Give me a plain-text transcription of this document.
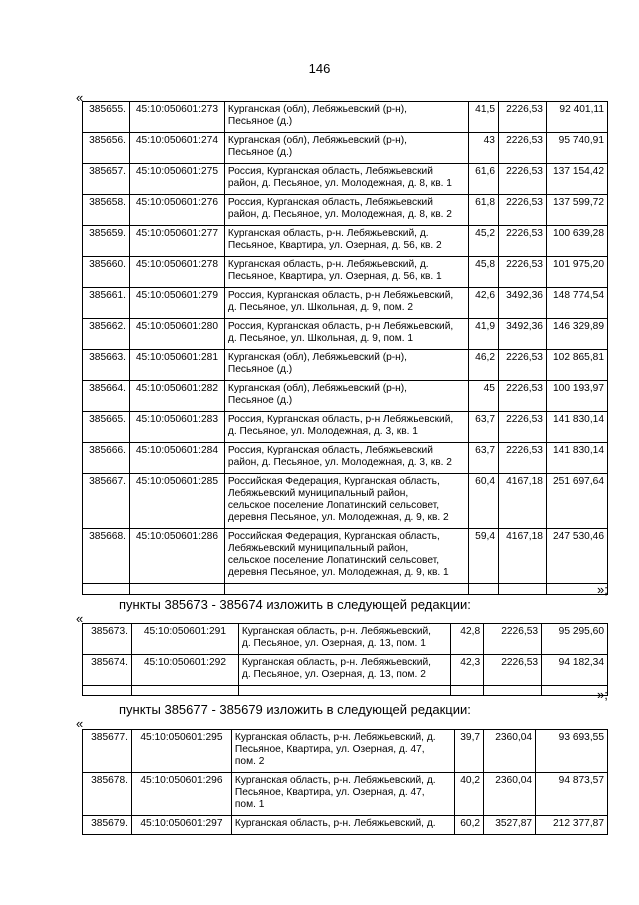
146
«
385655.	45:10:050601:273	Курганская (обл), Лебяжьевский (р-н),
Песьяное (д.)	41,5	2226,53	92 401,11
385656.	45:10:050601:274	Курганская (обл), Лебяжьевский (р-н),
Песьяное (д.)	43	2226,53	95 740,91
385657.	45:10:050601:275	Россия, Курганская область, Лебяжьевский
район, д. Песьяное, ул. Молодежная, д. 8, кв. 1	61,6	2226,53	137 154,42
385658.	45:10:050601:276	Россия, Курганская область, Лебяжьевский
район, д. Песьяное, ул. Молодежная, д. 8, кв. 2	61,8	2226,53	137 599,72
385659.	45:10:050601:277	Курганская область, р-н. Лебяжьевский, д.
Песьяное, Квартира, ул. Озерная, д. 56, кв. 2	45,2	2226,53	100 639,28
385660.	45:10:050601:278	Курганская область, р-н. Лебяжьевский, д.
Песьяное, Квартира, ул. Озерная, д. 56, кв. 1	45,8	2226,53	101 975,20
385661.	45:10:050601:279	Россия, Курганская область, р-н Лебяжьевский,
д. Песьяное, ул. Школьная, д. 9, пом. 2	42,6	3492,36	148 774,54
385662.	45:10:050601:280	Россия, Курганская область, р-н Лебяжьевский,
д. Песьяное, ул. Школьная, д. 9, пом. 1	41,9	3492,36	146 329,89
385663.	45:10:050601:281	Курганская (обл), Лебяжьевский (р-н),
Песьяное (д.)	46,2	2226,53	102 865,81
385664.	45:10:050601:282	Курганская (обл), Лебяжьевский (р-н),
Песьяное (д.)	45	2226,53	100 193,97
385665.	45:10:050601:283	Россия, Курганская область, р-н Лебяжьевский,
д. Песьяное, ул. Молодежная, д. 3, кв. 1	63,7	2226,53	141 830,14
385666.	45:10:050601:284	Россия, Курганская область, Лебяжьевский
район, д. Песьяное, ул. Молодежная, д. 3, кв. 2	63,7	2226,53	141 830,14
385667.	45:10:050601:285	Российская Федерация, Курганская область,
Лебяжьевский муниципальный район,
сельское поселение Лопатинский сельсовет,
деревня Песьяное, ул. Молодежная, д. 9, кв. 2	60,4	4167,18	251 697,64
385668.	45:10:050601:286	Российская Федерация, Курганская область,
Лебяжьевский муниципальный район,
сельское поселение Лопатинский сельсовет,
деревня Песьяное, ул. Молодежная, д. 9, кв. 1	59,4	4167,18	247 530,46

»;
пункты 385673 - 385674 изложить в следующей редакции:
«
385673.	45:10:050601:291	Курганская область, р-н. Лебяжьевский,
д. Песьяное, ул. Озерная, д. 13, пом. 1	42,8	2226,53	95 295,60
385674.	45:10:050601:292	Курганская область, р-н. Лебяжьевский,
д. Песьяное, ул. Озерная, д. 13, пом. 2	42,3	2226,53	94 182,34

»;
пункты 385677 - 385679 изложить в следующей редакции:
«
385677.	45:10:050601:295	Курганская область, р-н. Лебяжьевский, д.
Песьяное, Квартира, ул. Озерная, д. 47,
пом. 2	39,7	2360,04	93 693,55
385678.	45:10:050601:296	Курганская область, р-н. Лебяжьевский, д.
Песьяное, Квартира, ул. Озерная, д. 47,
пом. 1	40,2	2360,04	94 873,57
385679.	45:10:050601:297	Курганская область, р-н. Лебяжьевский, д.	60,2	3527,87	212 377,87
